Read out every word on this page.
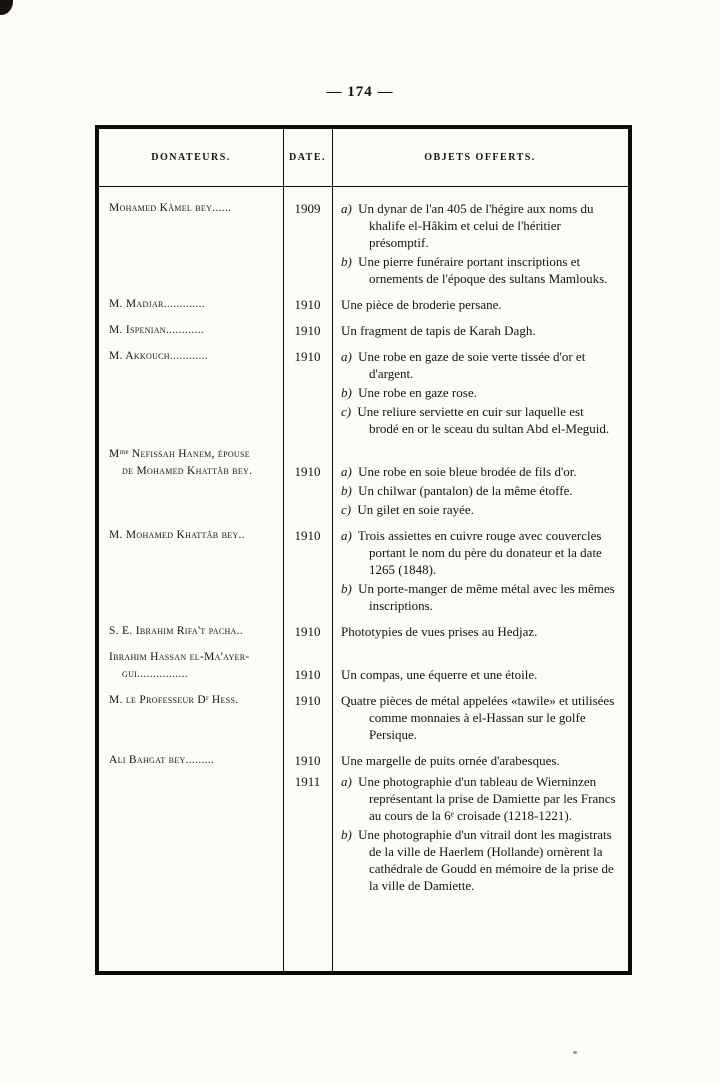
— 174 —
DONATEURS.	DATE.	OBJETS OFFERTS.
Mohamed Kâmel bey......	1909	a) Un dynar de l'an 405 de l'hégire aux noms du khalife el-Hâkim et celui de l'héritier présomptif.
b) Une pierre funéraire portant inscriptions et ornements de l'époque des sultans Mamlouks.
M. Madjar.............	1910	Une pièce de broderie persane.
M. Ispenian............	1910	Un fragment de tapis de Karah Dagh.
M. Akkouch............	1910	a) Une robe en gaze de soie verte tissée d'or et d'argent.
b) Une robe en gaze rose.
c) Une reliure serviette en cuir sur laquelle est brodé en or le sceau du sultan Abd el-Meguid.
Mᵐᵉ Nefissah Hanem, épouse
de Mohamed Khattâb bey.	1910	a) Une robe en soie bleue brodée de fils d'or.
b) Un chilwar (pantalon) de la même étoffe.
c) Un gilet en soie rayée.
M. Mohamed Khattâb bey..	1910	a) Trois assiettes en cuivre rouge avec couvercles portant le nom du père du donateur et la date 1265 (1848).
b) Un porte-manger de même métal avec les mêmes inscriptions.
S. E. Ibrahim Rifa't pacha..	1910	Phototypies de vues prises au Hedjaz.
Ibrahim Hassan el-Ma'ayer-
gui................	1910	Un compas, une équerre et une étoile.
M. le Professeur Dʳ Hess.	1910	Quatre pièces de métal appelées «tawile» et utilisées comme monnaies à el-Hassan sur le golfe Persique.
Ali Bahgat bey.........	1910	Une margelle de puits ornée d'arabesques.
1911	a) Une photographie d'un tableau de Wierninzen représentant la prise de Damiette par les Francs au cours de la 6ᵉ croisade (1218-1221).
b) Une photographie d'un vitrail dont les magistrats de la ville de Haerlem (Hollande) ornèrent la cathédrale de Goudd en mémoire de la prise de la ville de Damiette.
